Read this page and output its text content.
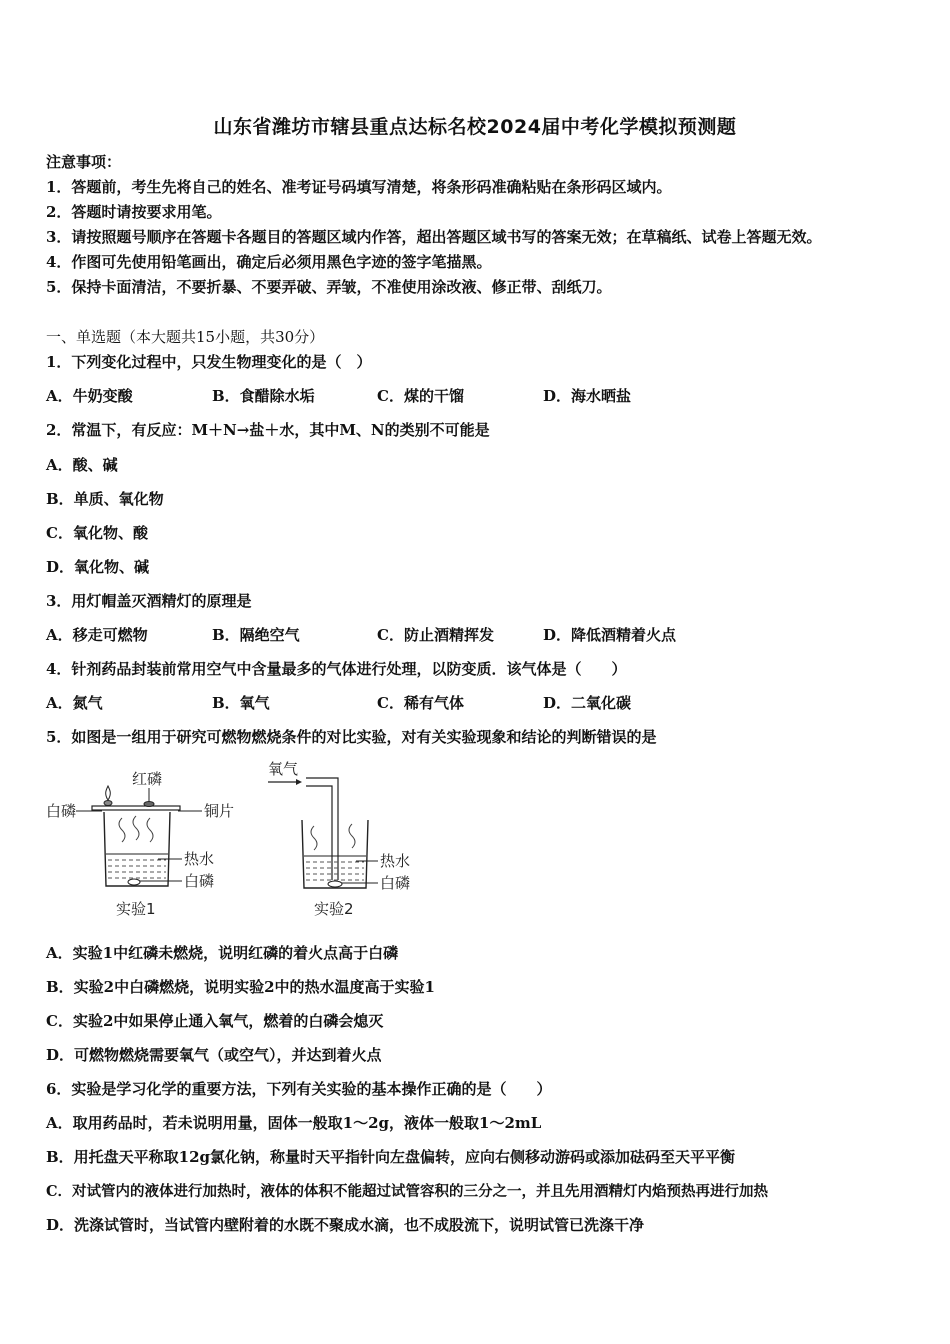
山东省潍坊市辖县重点达标名校2024届中考化学模拟预测题
注意事项：
1．答题前，考生先将自己的姓名、准考证号码填写清楚，将条形码准确粘贴在条形码区域内。
2．答题时请按要求用笔。
3．请按照题号顺序在答题卡各题目的答题区域内作答，超出答题区域书写的答案无效；在草稿纸、试卷上答题无效。
4．作图可先使用铅笔画出，确定后必须用黑色字迹的签字笔描黑。
5．保持卡面清洁，不要折暴、不要弄破、弄皱，不准使用涂改液、修正带、刮纸刀。
一、单选题（本大题共15小题，共30分）
1．下列变化过程中，只发生物理变化的是（　）
A．牛奶变酸	B．食醋除水垢	C．煤的干馏	D．海水晒盐
2．常温下，有反应：M＋N→盐＋水，其中M、N的类别不可能是
A．酸、碱
B．单质、氧化物
C．氧化物、酸
D．氧化物、碱
3．用灯帽盖灭酒精灯的原理是
A．移走可燃物	B．隔绝空气	C．防止酒精挥发	D．降低酒精着火点
4．针剂药品封装前常用空气中含量最多的气体进行处理，以防变质．该气体是（　　）
A．氮气	B．氧气	C．稀有气体	D．二氧化碳
5．如图是一组用于研究可燃物燃烧条件的对比实验，对有关实验现象和结论的判断错误的是
红磷
白磷	铜片
热水
白磷
实验1
氧气
热水
白磷
实验2
A．实验1中红磷未燃烧，说明红磷的着火点高于白磷
B．实验2中白磷燃烧，说明实验2中的热水温度高于实验1
C．实验2中如果停止通入氧气，燃着的白磷会熄灭
D．可燃物燃烧需要氧气（或空气），并达到着火点
6．实验是学习化学的重要方法，下列有关实验的基本操作正确的是（　　）
A．取用药品时，若未说明用量，固体一般取1～2g，液体一般取1～2mL
B．用托盘天平称取12g氯化钠，称量时天平指针向左盘偏转，应向右侧移动游码或添加砝码至天平平衡
C．对试管内的液体进行加热时，液体的体积不能超过试管容积的三分之一，并且先用酒精灯内焰预热再进行加热
D．洗涤试管时，当试管内壁附着的水既不聚成水滴，也不成股流下，说明试管已洗涤干净
